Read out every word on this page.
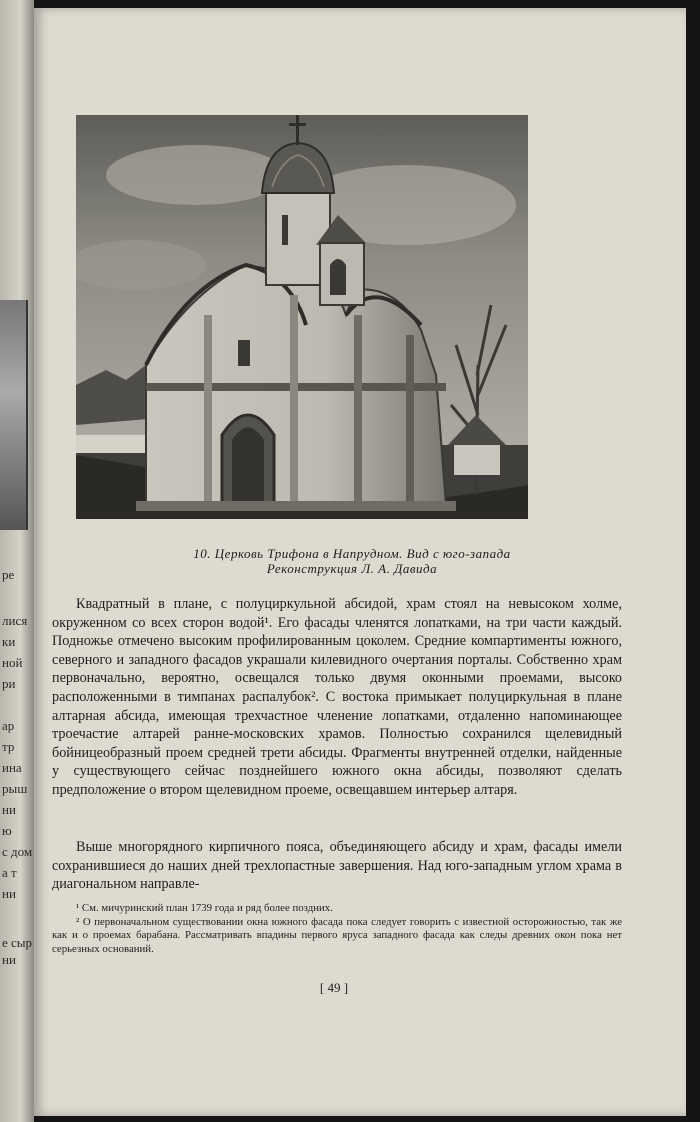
ре
лися
ки
ной
ри
ар
тр
ина
рыш
ни
ю
с дом
а т
ни
е сыр
ни
10. Церковь Трифона в Напрудном. Вид с юго-запада
Реконструкция Л. А. Давида

Квадратный в плане, с полуциркульной абсидой, храм стоял на невысоком холме, окруженном со всех сторон водой¹. Его фасады членятся лопатками, на три части каждый. Подножье отмечено высоким профилированным цоколем. Средние компартименты южного, северного и западного фасадов украшали килевидного очертания порталы. Собственно храм первоначально, вероятно, освещался только двумя оконными проемами, высоко расположенными в тимпанах распалубок². С востока примыкает полуциркульная в плане алтарная абсида, имеющая трехчастное членение лопатками, отдаленно напоминающее троечастие алтарей ранне-московских храмов. Полностью сохранился щелевидный бойницеобразный проем средней трети абсиды. Фрагменты внутренней отделки, найденные у существующего сейчас позднейшего южного окна абсиды, позволяют сделать предположение о втором щелевидном проеме, освещавшем интерьер алтаря.

Выше многорядного кирпичного пояса, объединяющего абсиду и храм, фасады имели сохранившиеся до наших дней трехлопастные завершения. Над юго-западным углом храма в диагональном направле-

¹ См. мичуринский план 1739 года и ряд более поздних.

² О первоначальном существовании окна южного фасада пока следует говорить с известной осторожностью, так же как и о проемах барабана. Рассматривать впадины первого яруса западного фасада как следы древних окон пока нет серьезных оснований.

[ 49 ]
